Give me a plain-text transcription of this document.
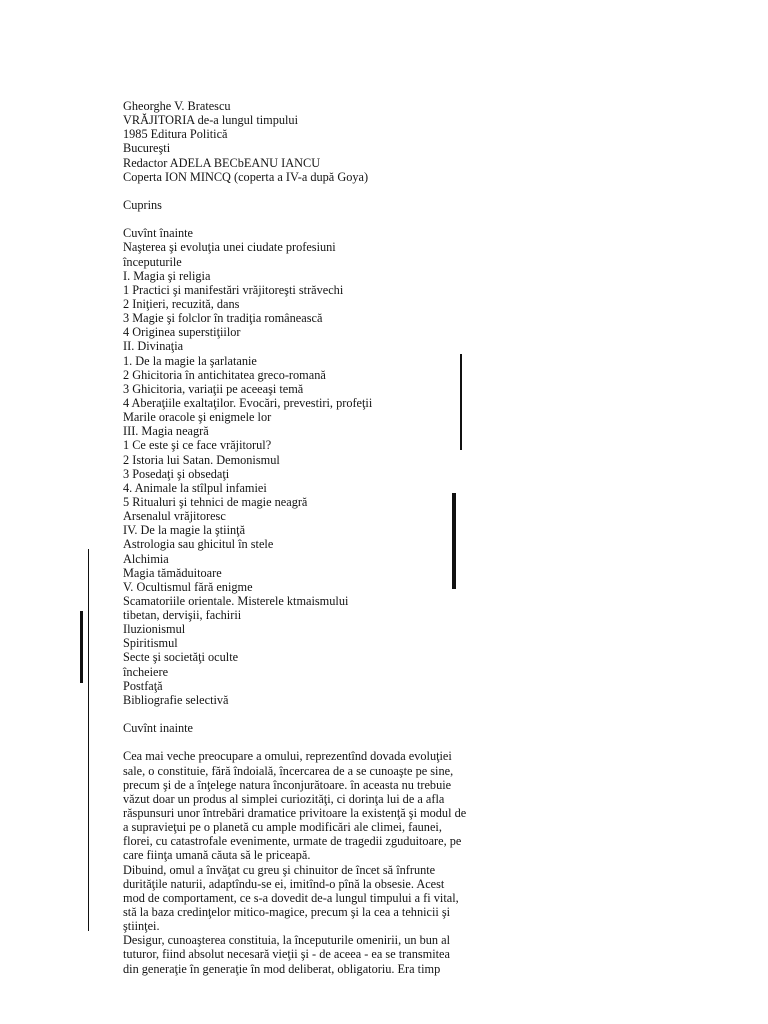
Gheorghe V. Bratescu
VRĂJITORIA de-a lungul timpului
1985 Editura Politică
Bucureşti
Redactor ADELA BECbEANU IANCU
Coperta ION MINCQ (coperta a IV-a după Goya)
Cuprins
Cuvînt înainte
Naşterea şi evoluţia unei ciudate profesiuni
începuturile
I. Magia şi religia
1 Practici şi manifestări vrăjitoreşti străvechi
2 Iniţieri, recuzită, dans
3 Magie şi folclor în tradiţia românească
4 Originea superstiţiilor
II. Divinaţia
1. De la magie la şarlatanie
2 Ghicitoria în antichitatea greco-romană
3 Ghicitoria, variaţii pe aceeaşi temă
4 Aberaţiile exaltaţilor. Evocări, prevestiri, profeţii
Marile oracole şi enigmele lor
III. Magia neagră
1 Ce este şi ce face vrăjitorul?
2 Istoria lui Satan. Demonismul
3 Posedaţi şi obsedaţi
4. Animale la stîlpul infamiei
5 Ritualuri şi tehnici de magie neagră
Arsenalul vrăjitoresc
IV. De la magie la ştiinţă
Astrologia sau ghicitul în stele
Alchimia
Magia tămăduitoare
V. Ocultismul fără enigme
Scamatoriile orientale. Misterele ktmaismului
tibetan, dervişii, fachirii
Iluzionismul
Spiritismul
Secte şi societăţi oculte
încheiere
Postfaţă
Bibliografie selectivă
Cuvînt inainte
Cea mai veche preocupare a omului, reprezentînd dovada evoluţiei
sale, o constituie, fără îndoială, încercarea de a se cunoaşte pe sine,
precum şi de a înţelege natura înconjurătoare. în aceasta nu trebuie
văzut doar un produs al simplei curiozităţi, ci dorinţa lui de a afla
răspunsuri unor întrebări dramatice privitoare la existenţă şi modul de
a supravieţui pe o planetă cu ample modificări ale climei, faunei,
florei, cu catastrofale evenimente, urmate de tragedii zguduitoare, pe
care fiinţa umană căuta să le priceapă.
Dibuind, omul a învăţat cu greu şi chinuitor de încet să înfrunte
durităţile naturii, adaptîndu-se ei, imitînd-o pînă la obsesie. Acest
mod de comportament, ce s-a dovedit de-a lungul timpului a fi vital,
stă la baza credinţelor mitico-magice, precum şi la cea a tehnicii şi
ştiinţei.
Desigur, cunoaşterea constituia, la începuturile omenirii, un bun al
tuturor, fiind absolut necesară vieţii şi - de aceea - ea se transmitea
din generaţie în generaţie în mod deliberat, obligatoriu. Era timp
